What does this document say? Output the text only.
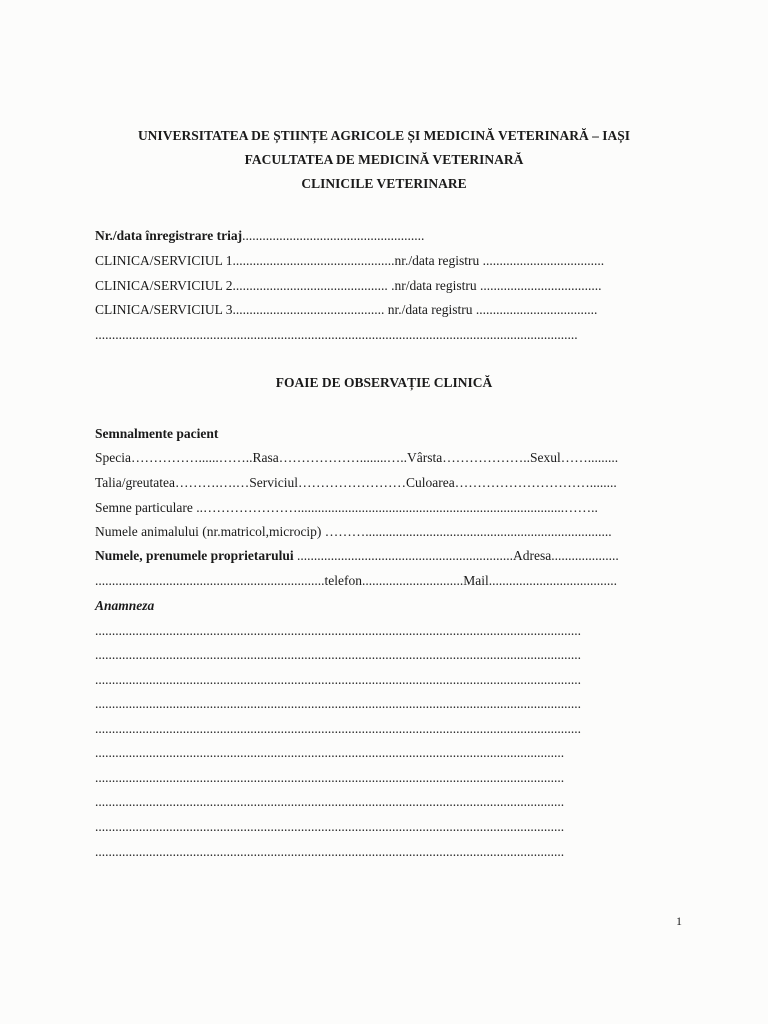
UNIVERSITATEA DE ȘTIINȚE AGRICOLE ȘI MEDICINĂ VETERINARĂ – IAȘI
FACULTATEA DE MEDICINĂ VETERINARĂ
CLINICILE VETERINARE
Nr./data înregistrare triaj......................................................
CLINICA/SERVICIUL 1................................................nr./data registru ....................................
CLINICA/SERVICIUL 2.............................................. .nr/data registru ....................................
CLINICA/SERVICIUL 3............................................. nr./data registru ....................................
...............................................................................................................................................
FOAIE DE OBSERVAȚIE CLINICĂ
Semnalmente pacient
Specia……………......……..Rasa………………........…..Vârsta………………..Sexul…….........
Talia/greutatea……….….…Serviciul……………………Culoarea…………………………........
Semne particulare ..…………………...............................................................................……..
Numele animalului (nr.matricol,microcip) ……….........................................................................
Numele, prenumele proprietarului ................................................................Adresa....................
....................................................................telefon..............................Mail......................................
Anamneza
................................................................................................................................................
................................................................................................................................................
................................................................................................................................................
................................................................................................................................................
................................................................................................................................................
...........................................................................................................................................
...........................................................................................................................................
...........................................................................................................................................
...........................................................................................................................................
...........................................................................................................................................
1
